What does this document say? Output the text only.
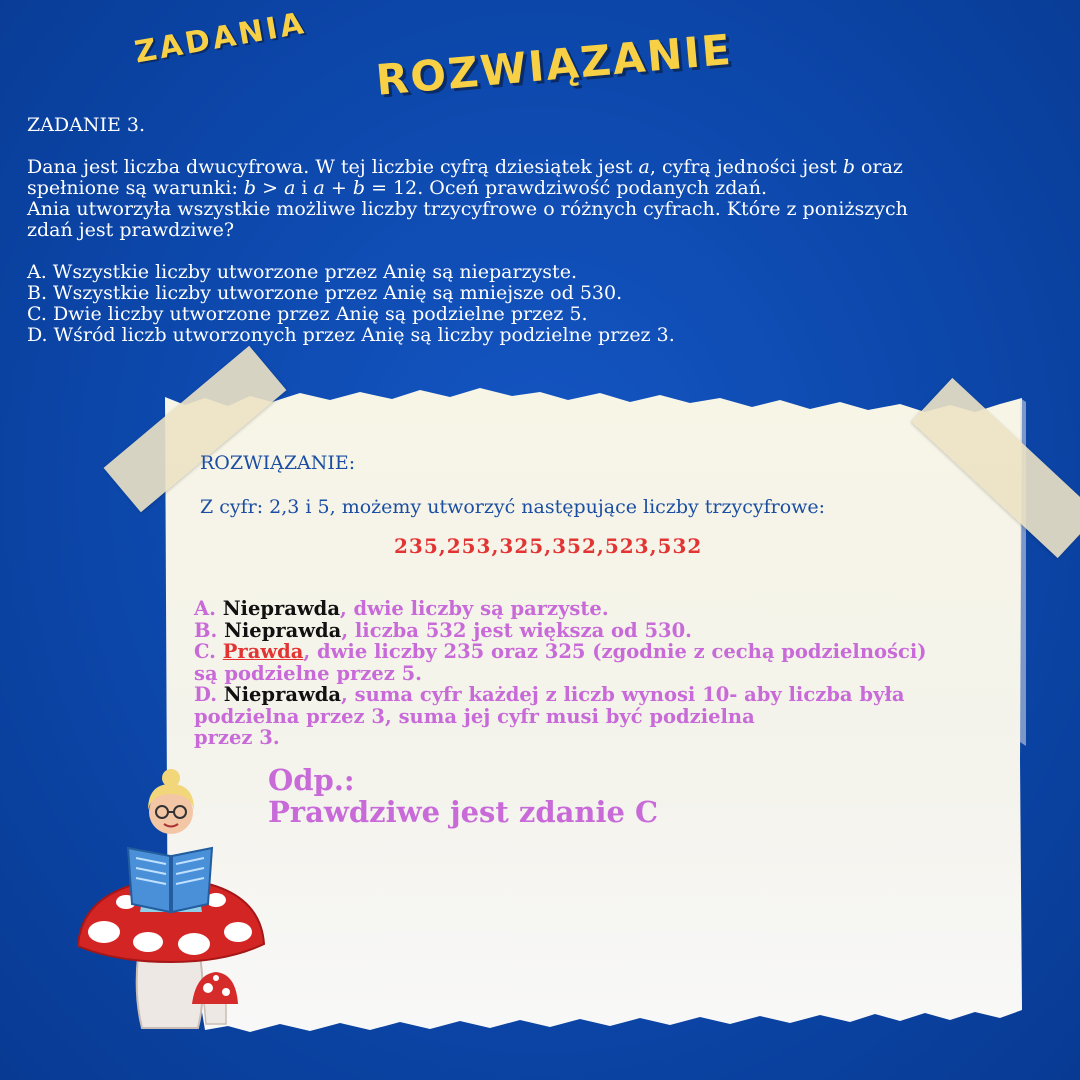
ZADANIA ROZWIĄZANIE

ZADANIE 3.

Dana jest liczba dwucyfrowa. W tej liczbie cyfrą dziesiątek jest a, cyfrą jedności jest b oraz

spełnione są warunki: b > a i a + b = 12. Oceń prawdziwość podanych zdań.

Ania utworzyła wszystkie możliwe liczby trzycyfrowe o różnych cyfrach. Które z poniższych

zdań jest prawdziwe?

A. Wszystkie liczby utworzone przez Anię są nieparzyste.

B. Wszystkie liczby utworzone przez Anię są mniejsze od 530.

C. Dwie liczby utworzone przez Anię są podzielne przez 5.

D. Wśród liczb utworzonych przez Anię są liczby podzielne przez 3.

ROZWIĄZANIE:
Z cyfr: 2,3 i 5, możemy utworzyć następujące liczby trzycyfrowe:
235,253,325,352,523,532

A. Nieprawda, dwie liczby są parzyste.

B. Nieprawda, liczba 532 jest większa od 530.

C. Prawda, dwie liczby 235 oraz 325 (zgodnie z cechą podzielności)

są podzielne przez 5.

D. Nieprawda, suma cyfr każdej z liczb wynosi 10- aby liczba była

podzielna przez 3, suma jej cyfr musi być podzielna

przez 3.

Odp.:

Prawdziwe jest zdanie C
